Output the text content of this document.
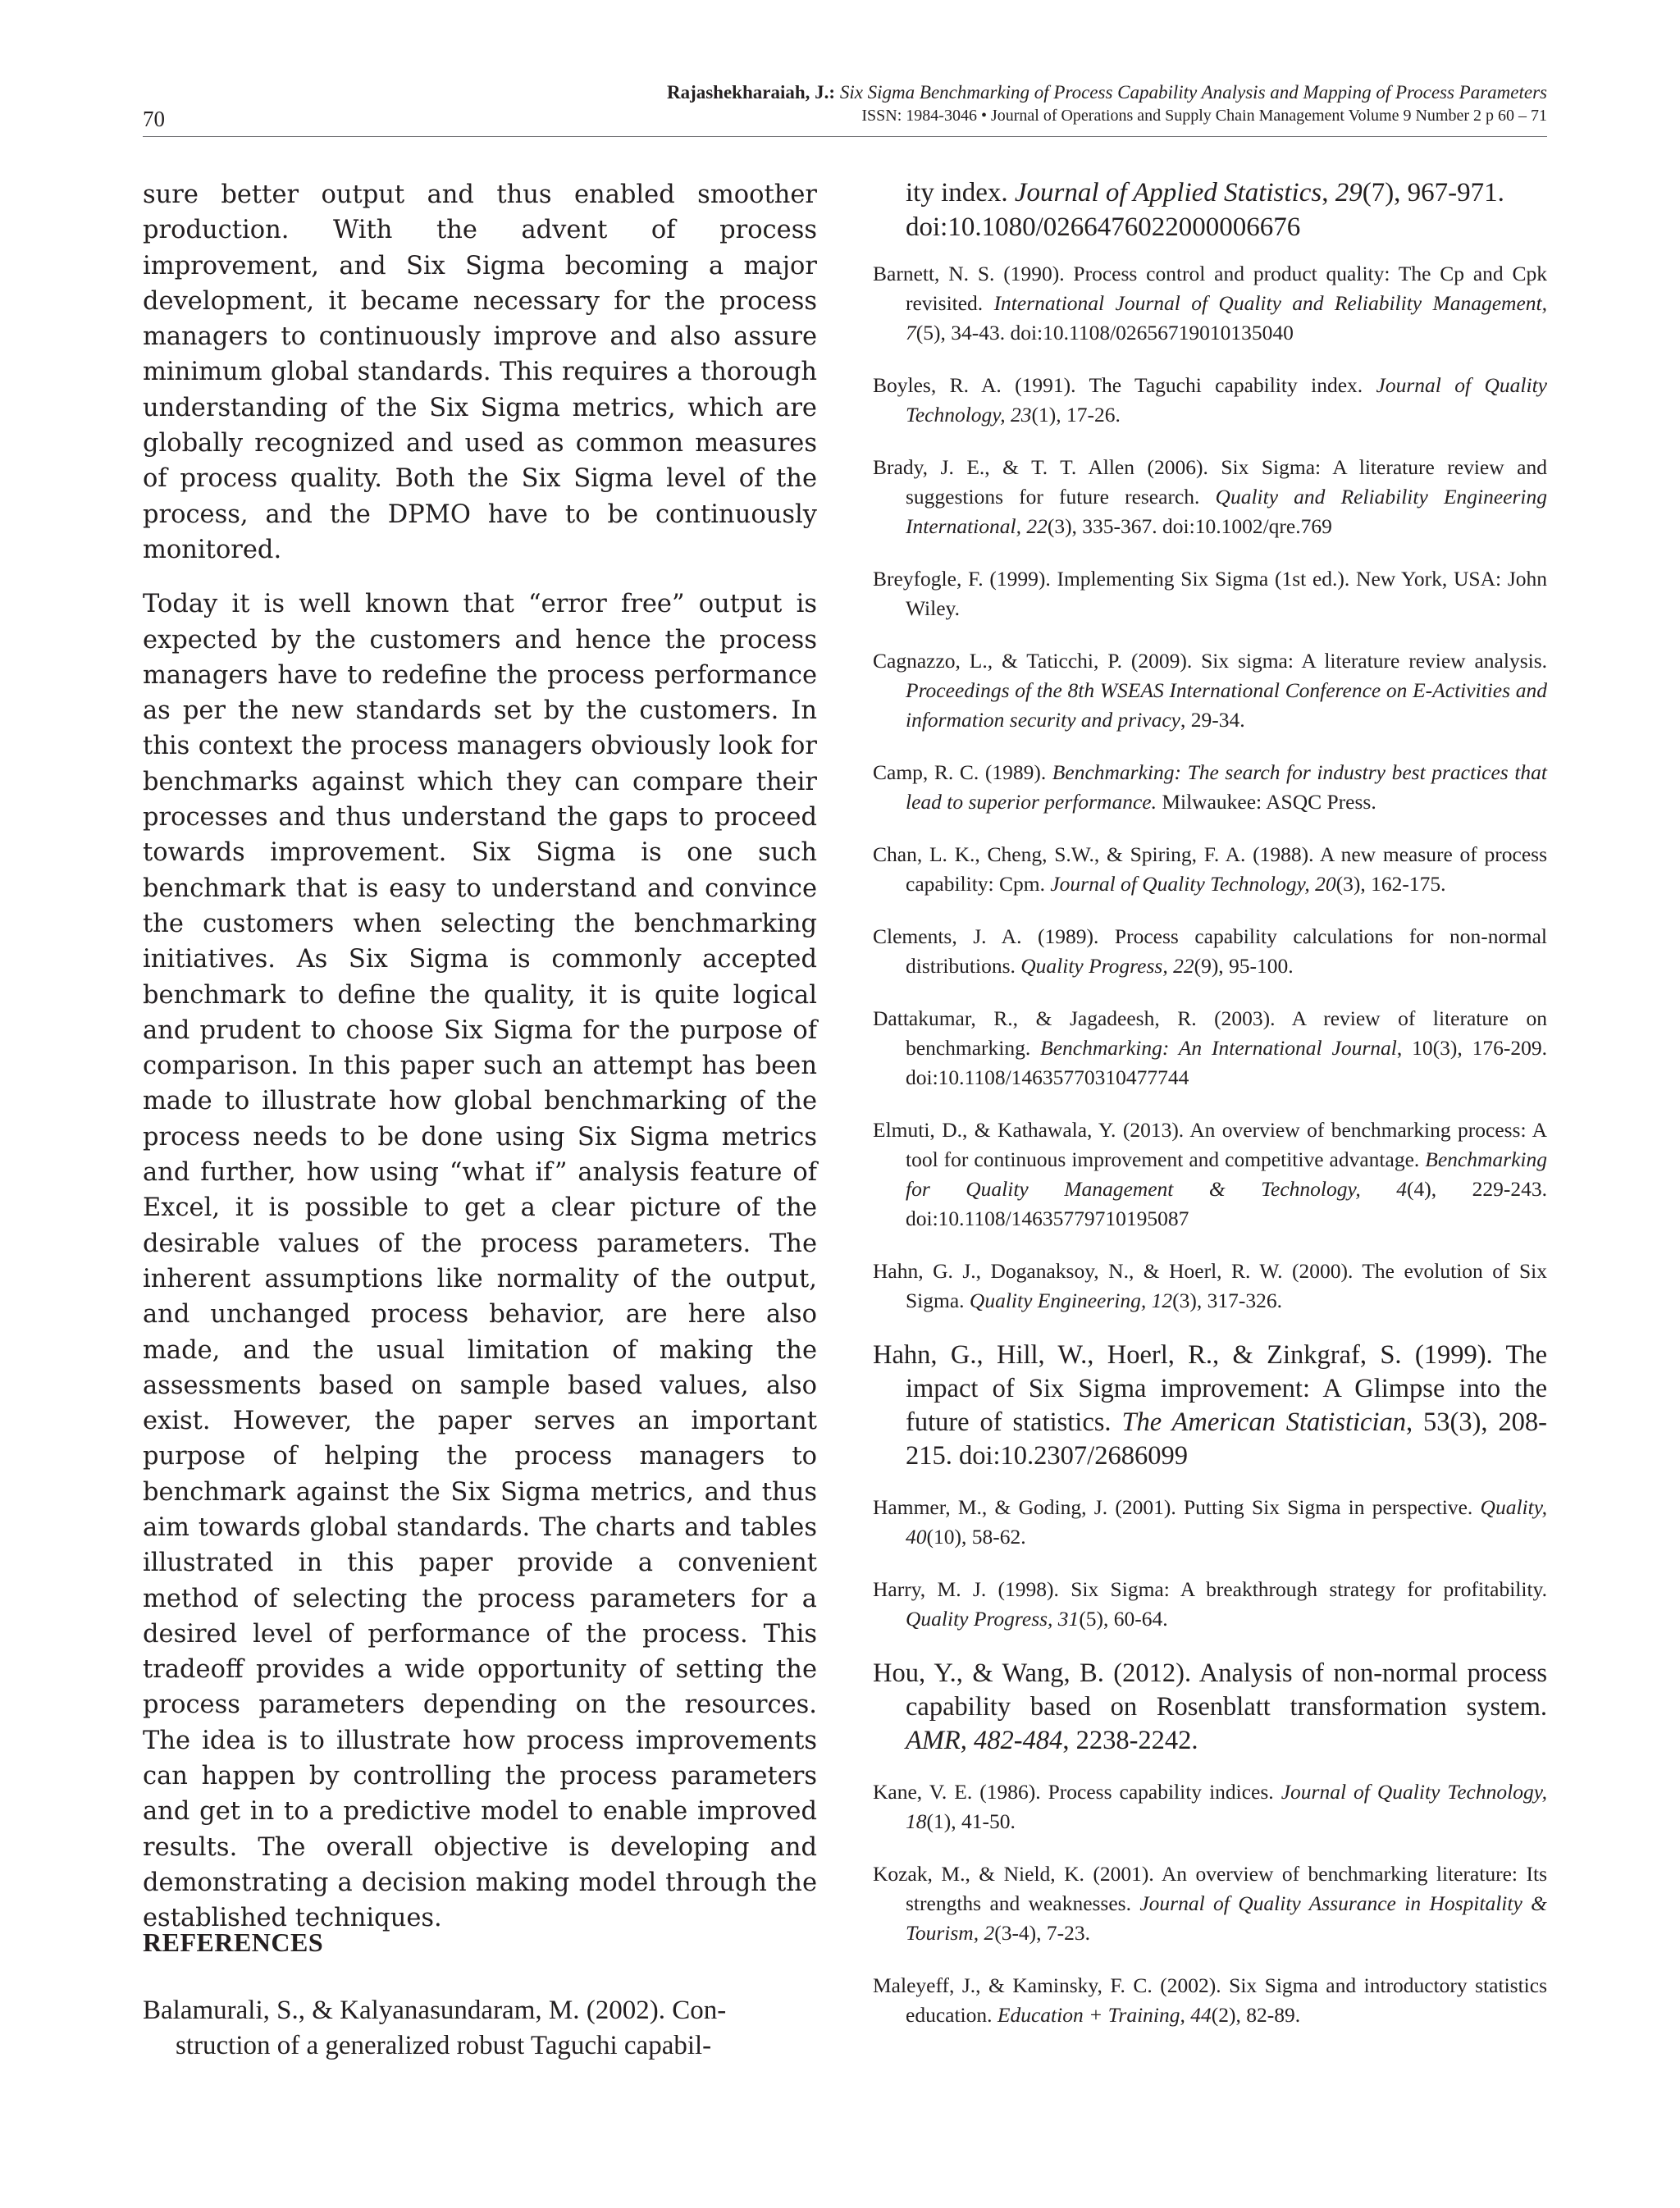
70
Rajashekharaiah, J.: Six Sigma Benchmarking of Process Capability Analysis and Mapping of Process Parameters
ISSN: 1984-3046 • Journal of Operations and Supply Chain Management Volume 9 Number 2 p 60 – 71

sure better output and thus enabled smoother production. With the advent of process improvement, and Six Sigma becoming a major development, it became necessary for the process managers to continuously improve and also assure minimum global standards. This requires a thorough understanding of the Six Sigma metrics, which are globally recognized and used as common measures of process quality. Both the Six Sigma level of the process, and the DPMO have to be continuously monitored.

Today it is well known that “error free” output is expected by the customers and hence the process managers have to redefine the process performance as per the new standards set by the customers. In this context the process managers obviously look for benchmarks against which they can compare their processes and thus understand the gaps to proceed towards improvement. Six Sigma is one such benchmark that is easy to understand and convince the customers when selecting the benchmarking initiatives. As Six Sigma is commonly accepted benchmark to define the quality, it is quite logical and prudent to choose Six Sigma for the purpose of comparison. In this paper such an attempt has been made to illustrate how global benchmarking of the process needs to be done using Six Sigma metrics and further, how using “what if” analysis feature of Excel, it is possible to get a clear picture of the desirable values of the process parameters. The inherent assumptions like normality of the output, and unchanged process behavior, are here also made, and the usual limitation of making the assessments based on sample based values, also exist. However, the paper serves an important purpose of helping the process managers to benchmark against the Six Sigma metrics, and thus aim towards global standards. The charts and tables illustrated in this paper provide a convenient method of selecting the process parameters for a desired level of performance of the process. This tradeoff provides a wide opportunity of setting the process parameters depending on the resources. The idea is to illustrate how process improvements can happen by controlling the process parameters and get in to a predictive model to enable improved results. The overall objective is developing and demonstrating a decision making model through the established techniques.

REFERENCES
Balamurali, S., & Kalyanasundaram, M. (2002). Con-

struction of a generalized robust Taguchi capabil-
ity index. Journal of Applied Statistics, 29(7), 967-971. doi:10.1080/0266476022000006676
Barnett, N. S. (1990). Process control and product quality: The Cp and Cpk revisited. International Journal of Quality and Reliability Management, 7(5), 34-43. doi:10.1108/02656719010135040
Boyles, R. A. (1991). The Taguchi capability index. Journal of Quality Technology, 23(1), 17-26.
Brady, J. E., & T. T. Allen (2006). Six Sigma: A literature review and suggestions for future research. Quality and Reliability Engineering International, 22(3), 335-367. doi:10.1002/qre.769
Breyfogle, F. (1999). Implementing Six Sigma (1st ed.). New York, USA: John Wiley.
Cagnazzo, L., & Taticchi, P. (2009). Six sigma: A literature review analysis. Proceedings of the 8th WSEAS International Conference on E-Activities and information security and privacy, 29-34.
Camp, R. C. (1989). Benchmarking: The search for industry best practices that lead to superior performance. Milwaukee: ASQC Press.
Chan, L. K., Cheng, S.W., & Spiring, F. A. (1988). A new measure of process capability: Cpm. Journal of Quality Technology, 20(3), 162-175.
Clements, J. A. (1989). Process capability calculations for non-normal distributions. Quality Progress, 22(9), 95-100.
Dattakumar, R., & Jagadeesh, R. (2003). A review of literature on benchmarking. Benchmarking: An International Journal, 10(3), 176-209. doi:10.1108/14635770310477744
Elmuti, D., & Kathawala, Y. (2013). An overview of benchmarking process: A tool for continuous improvement and competitive advantage. Benchmarking for Quality Management & Technology, 4(4), 229-243. doi:10.1108/14635779710195087
Hahn, G. J., Doganaksoy, N., & Hoerl, R. W. (2000). The evolution of Six Sigma. Quality Engineering, 12(3), 317-326.
Hahn, G., Hill, W., Hoerl, R., & Zinkgraf, S. (1999). The impact of Six Sigma improvement: A Glimpse into the future of statistics. The American Statistician, 53(3), 208-215. doi:10.2307/2686099
Hammer, M., & Goding, J. (2001). Putting Six Sigma in perspective. Quality, 40(10), 58-62.
Harry, M. J. (1998). Six Sigma: A breakthrough strategy for profitability. Quality Progress, 31(5), 60-64.
Hou, Y., & Wang, B. (2012). Analysis of non-normal process capability based on Rosenblatt transformation system. AMR, 482-484, 2238-2242.
Kane, V. E. (1986). Process capability indices. Journal of Quality Technology, 18(1), 41-50.
Kozak, M., & Nield, K. (2001). An overview of benchmarking literature: Its strengths and weaknesses. Journal of Quality Assurance in Hospitality & Tourism, 2(3-4), 7-23.
Maleyeff, J., & Kaminsky, F. C. (2002). Six Sigma and introductory statistics education. Education + Training, 44(2), 82-89.
